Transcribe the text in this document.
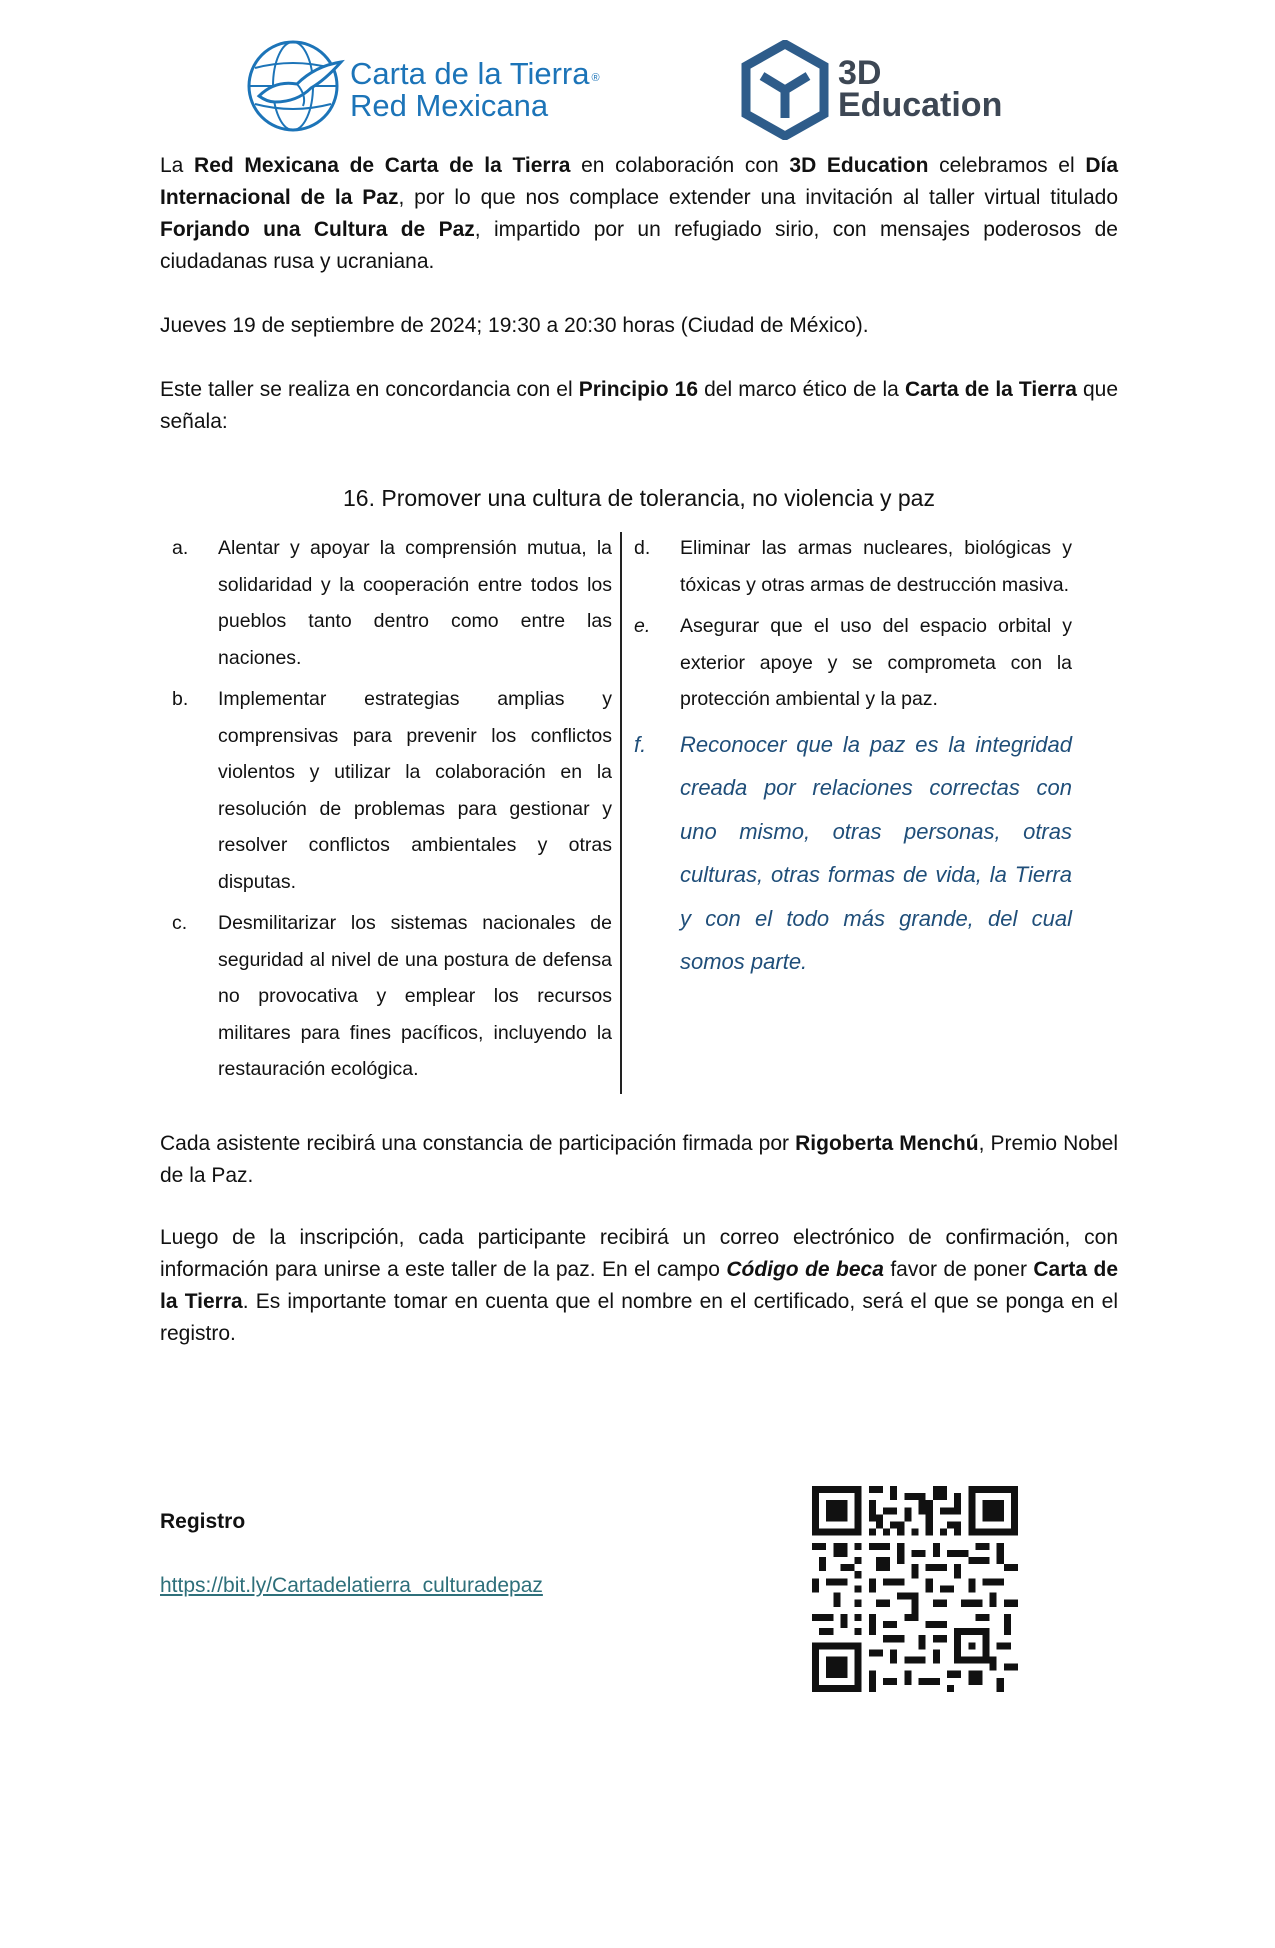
Carta de la Tierra ®
Red Mexicana
3D
Education

La Red Mexicana de Carta de la Tierra en colaboración con 3D Education celebramos el Día Internacional de la Paz, por lo que nos complace extender una invitación al taller virtual titulado Forjando una Cultura de Paz, impartido por un refugiado sirio, con mensajes poderosos de ciudadanas rusa y ucraniana.

Jueves 19 de septiembre de 2024; 19:30 a 20:30 horas (Ciudad de México).

Este taller se realiza en concordancia con el Principio 16 del marco ético de la Carta de la Tierra que señala:

16. Promover una cultura de tolerancia, no violencia y paz

a. Alentar y apoyar la comprensión mutua, la solidaridad y la cooperación entre todos los pueblos tanto dentro como entre las naciones.
b. Implementar estrategias amplias y comprensivas para prevenir los conflictos violentos y utilizar la colaboración en la resolución de problemas para gestionar y resolver conflictos ambientales y otras disputas.
c. Desmilitarizar los sistemas nacionales de seguridad al nivel de una postura de defensa no provocativa y emplear los recursos militares para fines pacíficos, incluyendo la restauración ecológica.
d. Eliminar las armas nucleares, biológicas y tóxicas y otras armas de destrucción masiva.
e. Asegurar que el uso del espacio orbital y exterior apoye y se comprometa con la protección ambiental y la paz.
f. Reconocer que la paz es la integridad creada por relaciones correctas con uno mismo, otras personas, otras culturas, otras formas de vida, la Tierra y con el todo más grande, del cual somos parte.

Cada asistente recibirá una constancia de participación firmada por Rigoberta Menchú, Premio Nobel de la Paz.

Luego de la inscripción, cada participante recibirá un correo electrónico de confirmación, con información para unirse a este taller de la paz. En el campo Código de beca favor de poner Carta de la Tierra. Es importante tomar en cuenta que el nombre en el certificado, será el que se ponga en el registro.

Registro

https://bit.ly/Cartadelatierra_culturadepaz
